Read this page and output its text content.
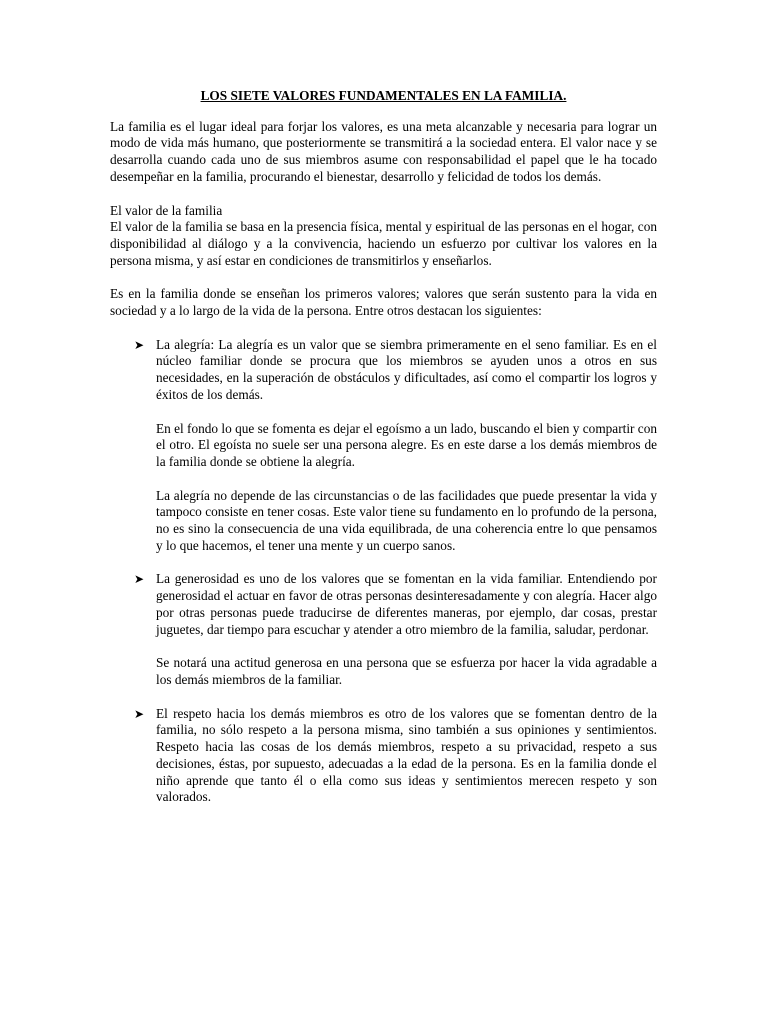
LOS SIETE VALORES FUNDAMENTALES EN LA FAMILIA.

La familia es el lugar ideal para forjar los valores, es una meta alcanzable y necesaria para lograr un modo de vida más humano, que posteriormente se transmitirá a la sociedad entera. El valor nace y se desarrolla cuando cada uno de sus miembros asume con responsabilidad el papel que le ha tocado desempeñar en la familia, procurando el bienestar, desarrollo y felicidad de todos los demás.

El valor de la familia

El valor de la familia se basa en la presencia física, mental y espiritual de las personas en el hogar, con disponibilidad al diálogo y a la convivencia, haciendo un esfuerzo por cultivar los valores en la persona misma, y así estar en condiciones de transmitirlos y enseñarlos.

Es en la familia donde se enseñan los primeros valores; valores que serán sustento para la vida en sociedad y a lo largo de la vida de la persona. Entre otros destacan los siguientes:

➤ La alegría: La alegría es un valor que se siembra primeramente en el seno familiar. Es en el núcleo familiar donde se procura que los miembros se ayuden unos a otros en sus necesidades, en la superación de obstáculos y dificultades, así como el compartir los logros y éxitos de los demás.

En el fondo lo que se fomenta es dejar el egoísmo a un lado, buscando el bien y compartir con el otro. El egoísta no suele ser una persona alegre. Es en este darse a los demás miembros de la familia donde se obtiene la alegría.

La alegría no depende de las circunstancias o de las facilidades que puede presentar la vida y tampoco consiste en tener cosas. Este valor tiene su fundamento en lo profundo de la persona, no es sino la consecuencia de una vida equilibrada, de una coherencia entre lo que pensamos y lo que hacemos, el tener una mente y un cuerpo sanos.

➤ La generosidad es uno de los valores que se fomentan en la vida familiar. Entendiendo por generosidad el actuar en favor de otras personas desinteresadamente y con alegría. Hacer algo por otras personas puede traducirse de diferentes maneras, por ejemplo, dar cosas, prestar juguetes, dar tiempo para escuchar y atender a otro miembro de la familia, saludar, perdonar.

Se notará una actitud generosa en una persona que se esfuerza por hacer la vida agradable a los demás miembros de la familiar.

➤ El respeto hacia los demás miembros es otro de los valores que se fomentan dentro de la familia, no sólo respeto a la persona misma, sino también a sus opiniones y sentimientos. Respeto hacia las cosas de los demás miembros, respeto a su privacidad, respeto a sus decisiones, éstas, por supuesto, adecuadas a la edad de la persona. Es en la familia donde el niño aprende que tanto él o ella como sus ideas y sentimientos merecen respeto y son valorados.
